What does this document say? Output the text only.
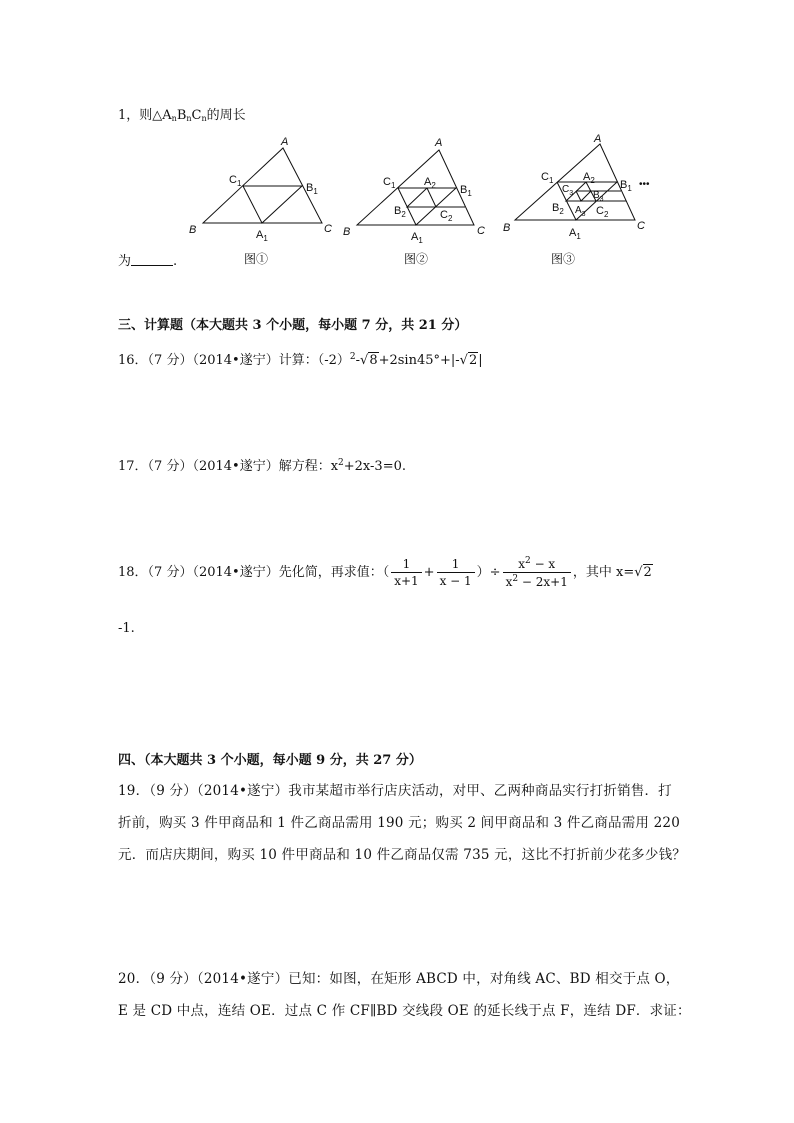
1，则$\triangle A_nB_nC_n$的周长
为	.
A
B	C
$C_1$	$B_1$
$A_1$
A
B	C
$C_1$	$B_1$
$A_1$
$A_2$
$B_2$	$C_2$
A
B	C
$C_1$	$B_1$ •••
$A_1$
$A_2$
$C_3$ $B_3$
$B_2$ $A_3$ $C_2$
图①	图②	图③
三、计算题（本大题共 3 个小题，每小题 7 分，共 21 分）
16．（7 分）（2014•遂宁）计算：$(-2)^2-√8+2\sin 45^\circ+|-√2|$
17．（7 分）（2014•遂宁）解方程：$x^2+2x-3=0$.
18．（7 分）（2014•遂宁）先化简，再求值：（ $\frac{1}{x+1} + \frac{1}{x - 1}$ ）÷ $\frac{x^2 - x}{x^2 - 2x+1}$ ，其中 x=√2
-1.
四、（本大题共 3 个小题，每小题 9 分，共 27 分）
19．（9 分）（2014•遂宁）我市某超市举行店庆活动，对甲、乙两种商品实行打折销售．打
折前，购买 3 件甲商品和 1 件乙商品需用 190 元；购买 2 间甲商品和 3 件乙商品需用 220
元．而店庆期间，购买 10 件甲商品和 10 件乙商品仅需 735 元，这比不打折前少花多少钱？
20．（9 分）（2014•遂宁）已知：如图，在矩形 ABCD 中，对角线 AC、BD 相交于点 O，
E 是 CD 中点，连结 OE．过点 C 作 CF∥BD 交线段 OE 的延长线于点 F，连结 DF．求证：
